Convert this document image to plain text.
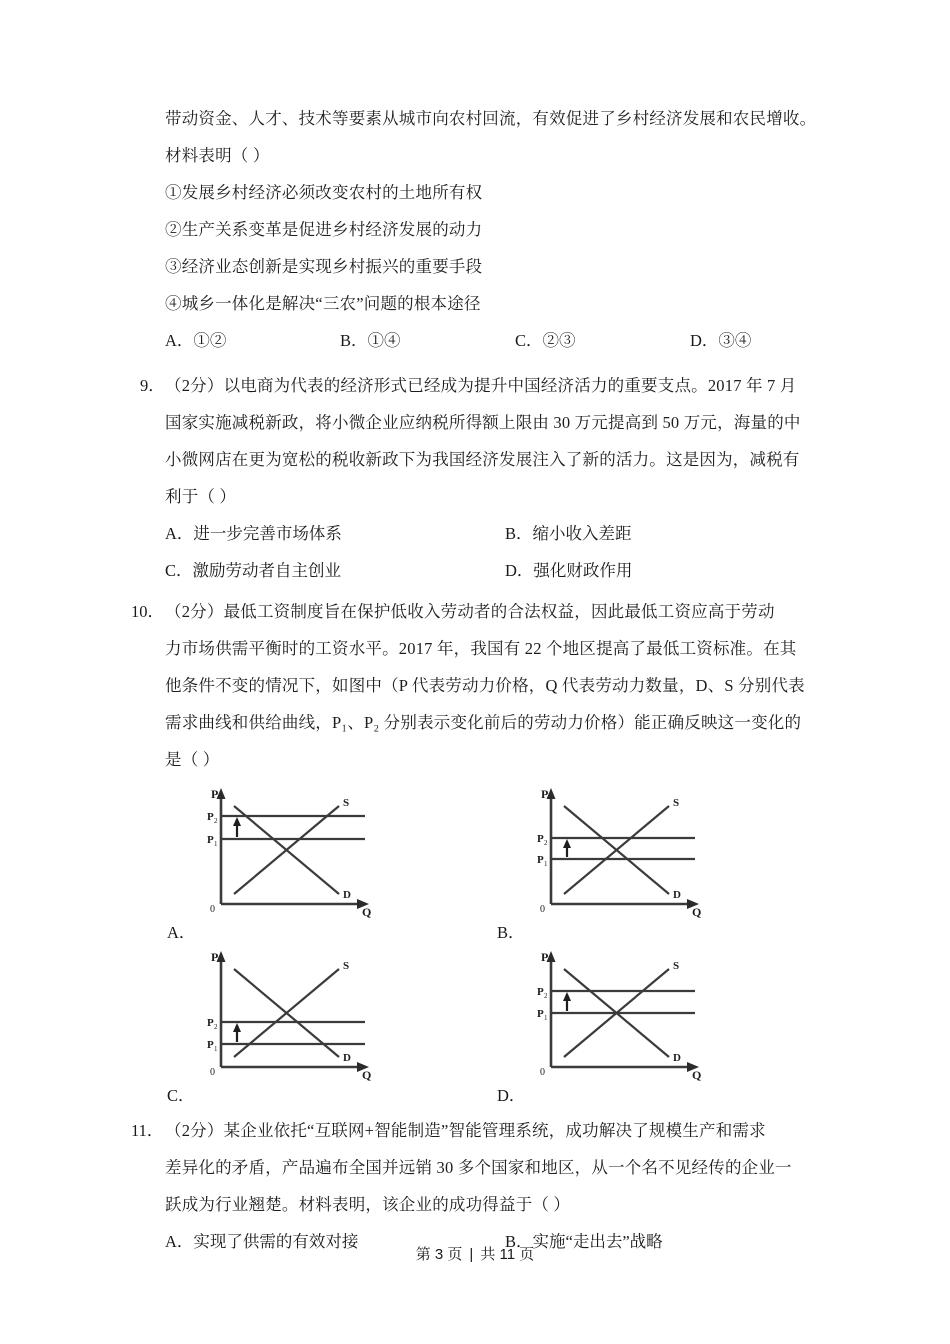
带动资金、人才、技术等要素从城市向农村回流，有效促进了乡村经济发展和农民增收。
材料表明（ ）
①发展乡村经济必须改变农村的土地所有权
②生产关系变革是促进乡村经济发展的动力
③经济业态创新是实现乡村振兴的重要手段
④城乡一体化是解决“三农”问题的根本途径
A．①②	B．①④	C．②③	D．③④
9． （2分）以电商为代表的经济形式已经成为提升中国经济活力的重要支点。2017 年 7 月
国家实施减税新政，将小微企业应纳税所得额上限由 30 万元提高到 50 万元，海量的中
小微网店在更为宽松的税收新政下为我国经济发展注入了新的活力。这是因为，减税有
利于（ ）
A．进一步完善市场体系	B．缩小收入差距
C．激励劳动者自主创业	D．强化财政作用
10． （2分）最低工资制度旨在保护低收入劳动者的合法权益，因此最低工资应高于劳动
力市场供需平衡时的工资水平。2017 年，我国有 22 个地区提高了最低工资标准。在其
他条件不变的情况下，如图中（P 代表劳动力价格，Q 代表劳动力数量，D、S 分别代表
需求曲线和供给曲线，P₁、P₂ 分别表示变化前后的劳动力价格）能正确反映这一变化的
是（ ）
A．
P
Q
0
P 2
P 1
S
D
B．
P
Q
0
P 2
P 1
S
D
C．
P
Q
0
P 2
P 1
S
D
D．
P
Q
0
P 2
P 1
S
D
11． （2分）某企业依托“互联网+智能制造”智能管理系统，成功解决了规模生产和需求
差异化的矛盾，产品遍布全国并远销 30 多个国家和地区，从一个名不见经传的企业一
跃成为行业翘楚。材料表明，该企业的成功得益于（ ）
A．实现了供需的有效对接	B．实施“走出去”战略
第 3 页 | 共 11 页
